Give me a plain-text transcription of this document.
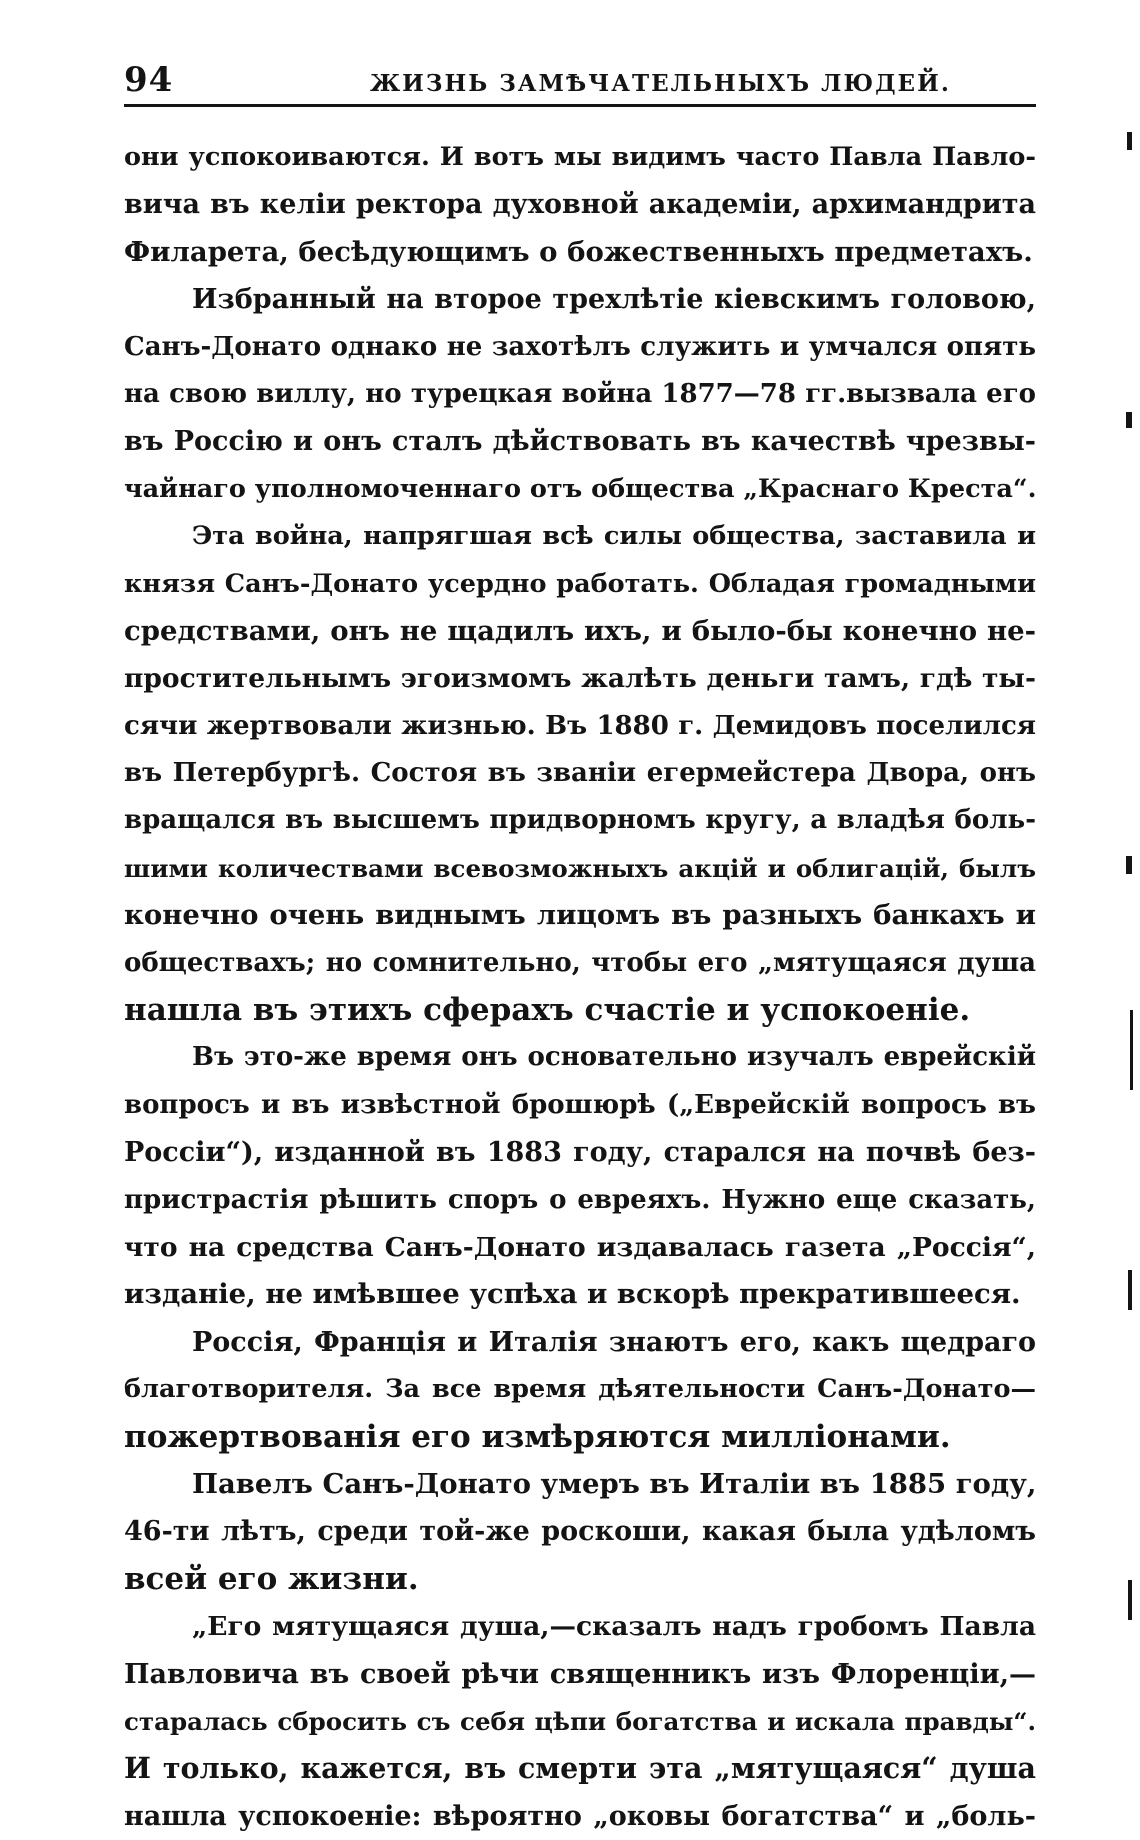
94	ЖИЗНЬ ЗАМѢЧАТЕЛЬНЫХЪ ЛЮДЕЙ.
они успокоиваются. И вотъ мы видимъ часто Павла Павло-
вича въ келіи ректора духовной академіи, архимандрита
Филарета, бесѣдующимъ о божественныхъ предметахъ.
Избранный на второе трехлѣтіе кіевскимъ головою,
Санъ-Донато однако не захотѣлъ служить и умчался опять
на свою виллу, но турецкая война 1877—78 гг.вызвала его
въ Россію и онъ сталъ дѣйствовать въ качествѣ чрезвы-
чайнаго уполномоченнаго отъ общества „Краснаго Креста“.
Эта война, напрягшая всѣ силы общества, заставила и
князя Санъ-Донато усердно работать. Обладая громадными
средствами, онъ не щадилъ ихъ, и было-бы конечно не-
простительнымъ эгоизмомъ жалѣть деньги тамъ, гдѣ ты-
сячи жертвовали жизнью. Въ 1880 г. Демидовъ поселился
въ Петербургѣ. Состоя въ званіи егермейстера Двора, онъ
вращался въ высшемъ придворномъ кругу, а владѣя боль-
шими количествами всевозможныхъ акцій и облигацій, былъ
конечно очень виднымъ лицомъ въ разныхъ банкахъ и
обществахъ; но сомнительно, чтобы его „мятущаяся душа
нашла въ этихъ сферахъ счастіе и успокоеніе.
Въ это-же время онъ основательно изучалъ еврейскій
вопросъ и въ извѣстной брошюрѣ („Еврейскій вопросъ въ
Россіи“), изданной въ 1883 году, старался на почвѣ без-
пристрастія рѣшить споръ о евреяхъ. Нужно еще сказать,
что на средства Санъ-Донато издавалась газета „Россія“,
изданіе, не имѣвшее успѣха и вскорѣ прекратившееся.
Россія, Франція и Италія знаютъ его, какъ щедраго
благотворителя. За все время дѣятельности Санъ-Донато—
пожертвованія его измѣряются милліонами.
Павелъ Санъ-Донато умеръ въ Италіи въ 1885 году,
46-ти лѣтъ, среди той-же роскоши, какая была удѣломъ
всей его жизни.
„Его мятущаяся душа,—сказалъ надъ гробомъ Павла
Павловича въ своей рѣчи священникъ изъ Флоренціи,—
старалась сбросить съ себя цѣпи богатства и искала правды“.
И только, кажется, въ смерти эта „мятущаяся“ душа
нашла успокоеніе: вѣроятно „оковы богатства“ и „боль-
